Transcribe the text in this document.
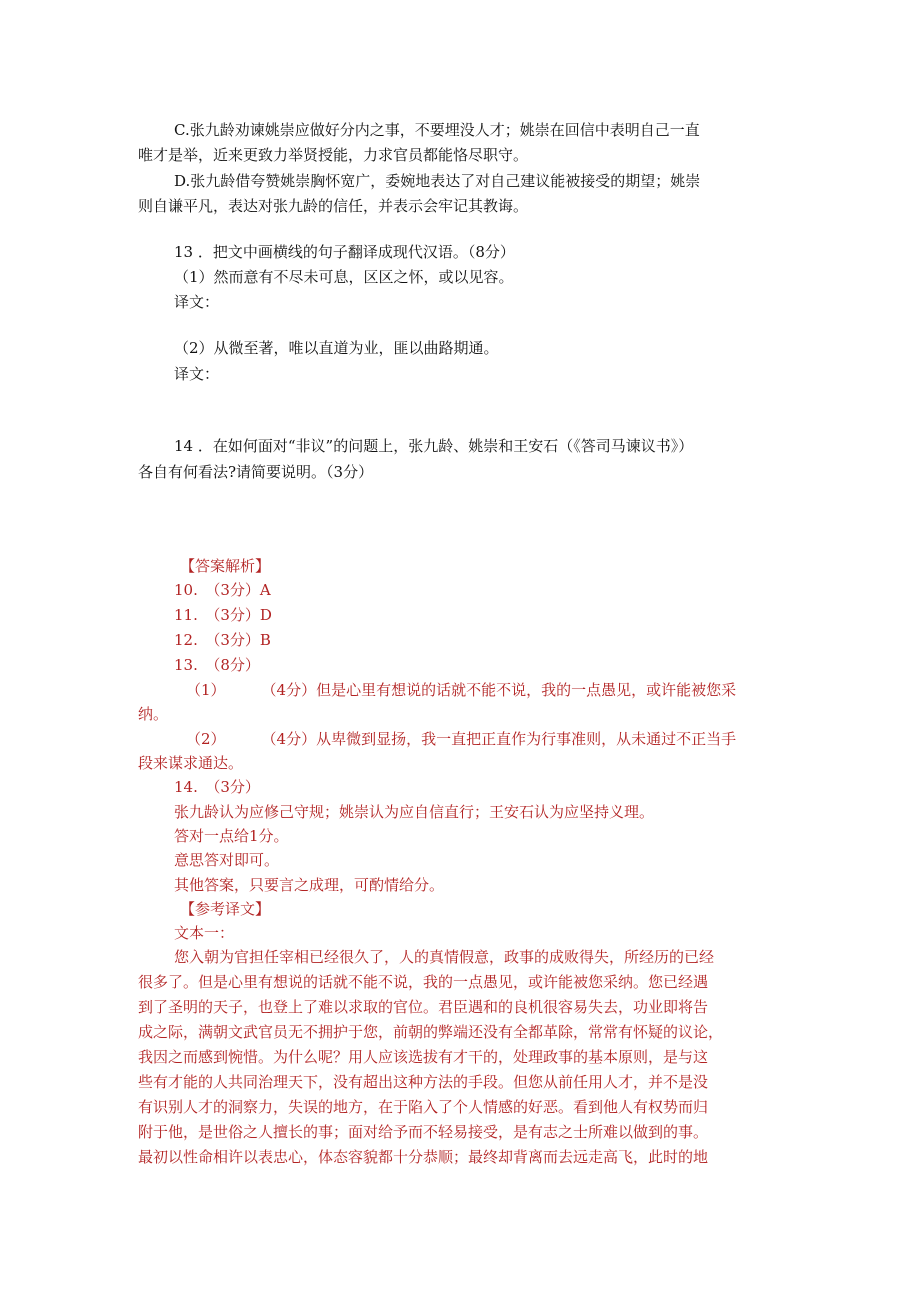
C.张九龄劝谏姚崇应做好分内之事，不要埋没人才；姚崇在回信中表明自己一直
唯才是举，近来更致力举贤授能，力求官员都能恪尽职守。
D.张九龄借夸赞姚崇胸怀宽广，委婉地表达了对自己建议能被接受的期望；姚崇
则自谦平凡，表达对张九龄的信任，并表示会牢记其教诲。
13 ．把文中画横线的句子翻译成现代汉语。（8分）
（1）然而意有不尽未可息，区区之怀，或以见容。
译文：
（2）从微至著，唯以直道为业，匪以曲路期通。
译文：
14 ．在如何面对“非议”的问题上，张九龄、姚崇和王安石（《答司马谏议书》）
各自有何看法?请简要说明。（3分）
【答案解析】
10.　（3分）A
11.　（3分）D
12.　（3分）B
13.　（8分）
（1） （4分）但是心里有想说的话就不能不说，我的一点愚见，或许能被您采
纳。
（2） （4分）从卑微到显扬，我一直把正直作为行事准则，从未通过不正当手
段来谋求通达。
14.　（3分）
张九龄认为应修己守规；姚崇认为应自信直行；王安石认为应坚持义理。
答对一点给1分。
意思答对即可。
其他答案，只要言之成理，可酌情给分。
【参考译文】
文本一：
您入朝为官担任宰相已经很久了，人的真情假意，政事的成败得失，所经历的已经
很多了。但是心里有想说的话就不能不说，我的一点愚见，或许能被您采纳。您已经遇
到了圣明的天子，也登上了难以求取的官位。君臣遇和的良机很容易失去，功业即将告
成之际，满朝文武官员无不拥护于您，前朝的弊端还没有全都革除，常常有怀疑的议论，
我因之而感到惋惜。为什么呢？用人应该选拔有才干的，处理政事的基本原则，是与这
些有才能的人共同治理天下，没有超出这种方法的手段。但您从前任用人才，并不是没
有识别人才的洞察力，失误的地方，在于陷入了个人情感的好恶。看到他人有权势而归
附于他，是世俗之人擅长的事；面对给予而不轻易接受，是有志之士所难以做到的事。
最初以性命相许以表忠心，体态容貌都十分恭顺；最终却背离而去远走高飞，此时的地
